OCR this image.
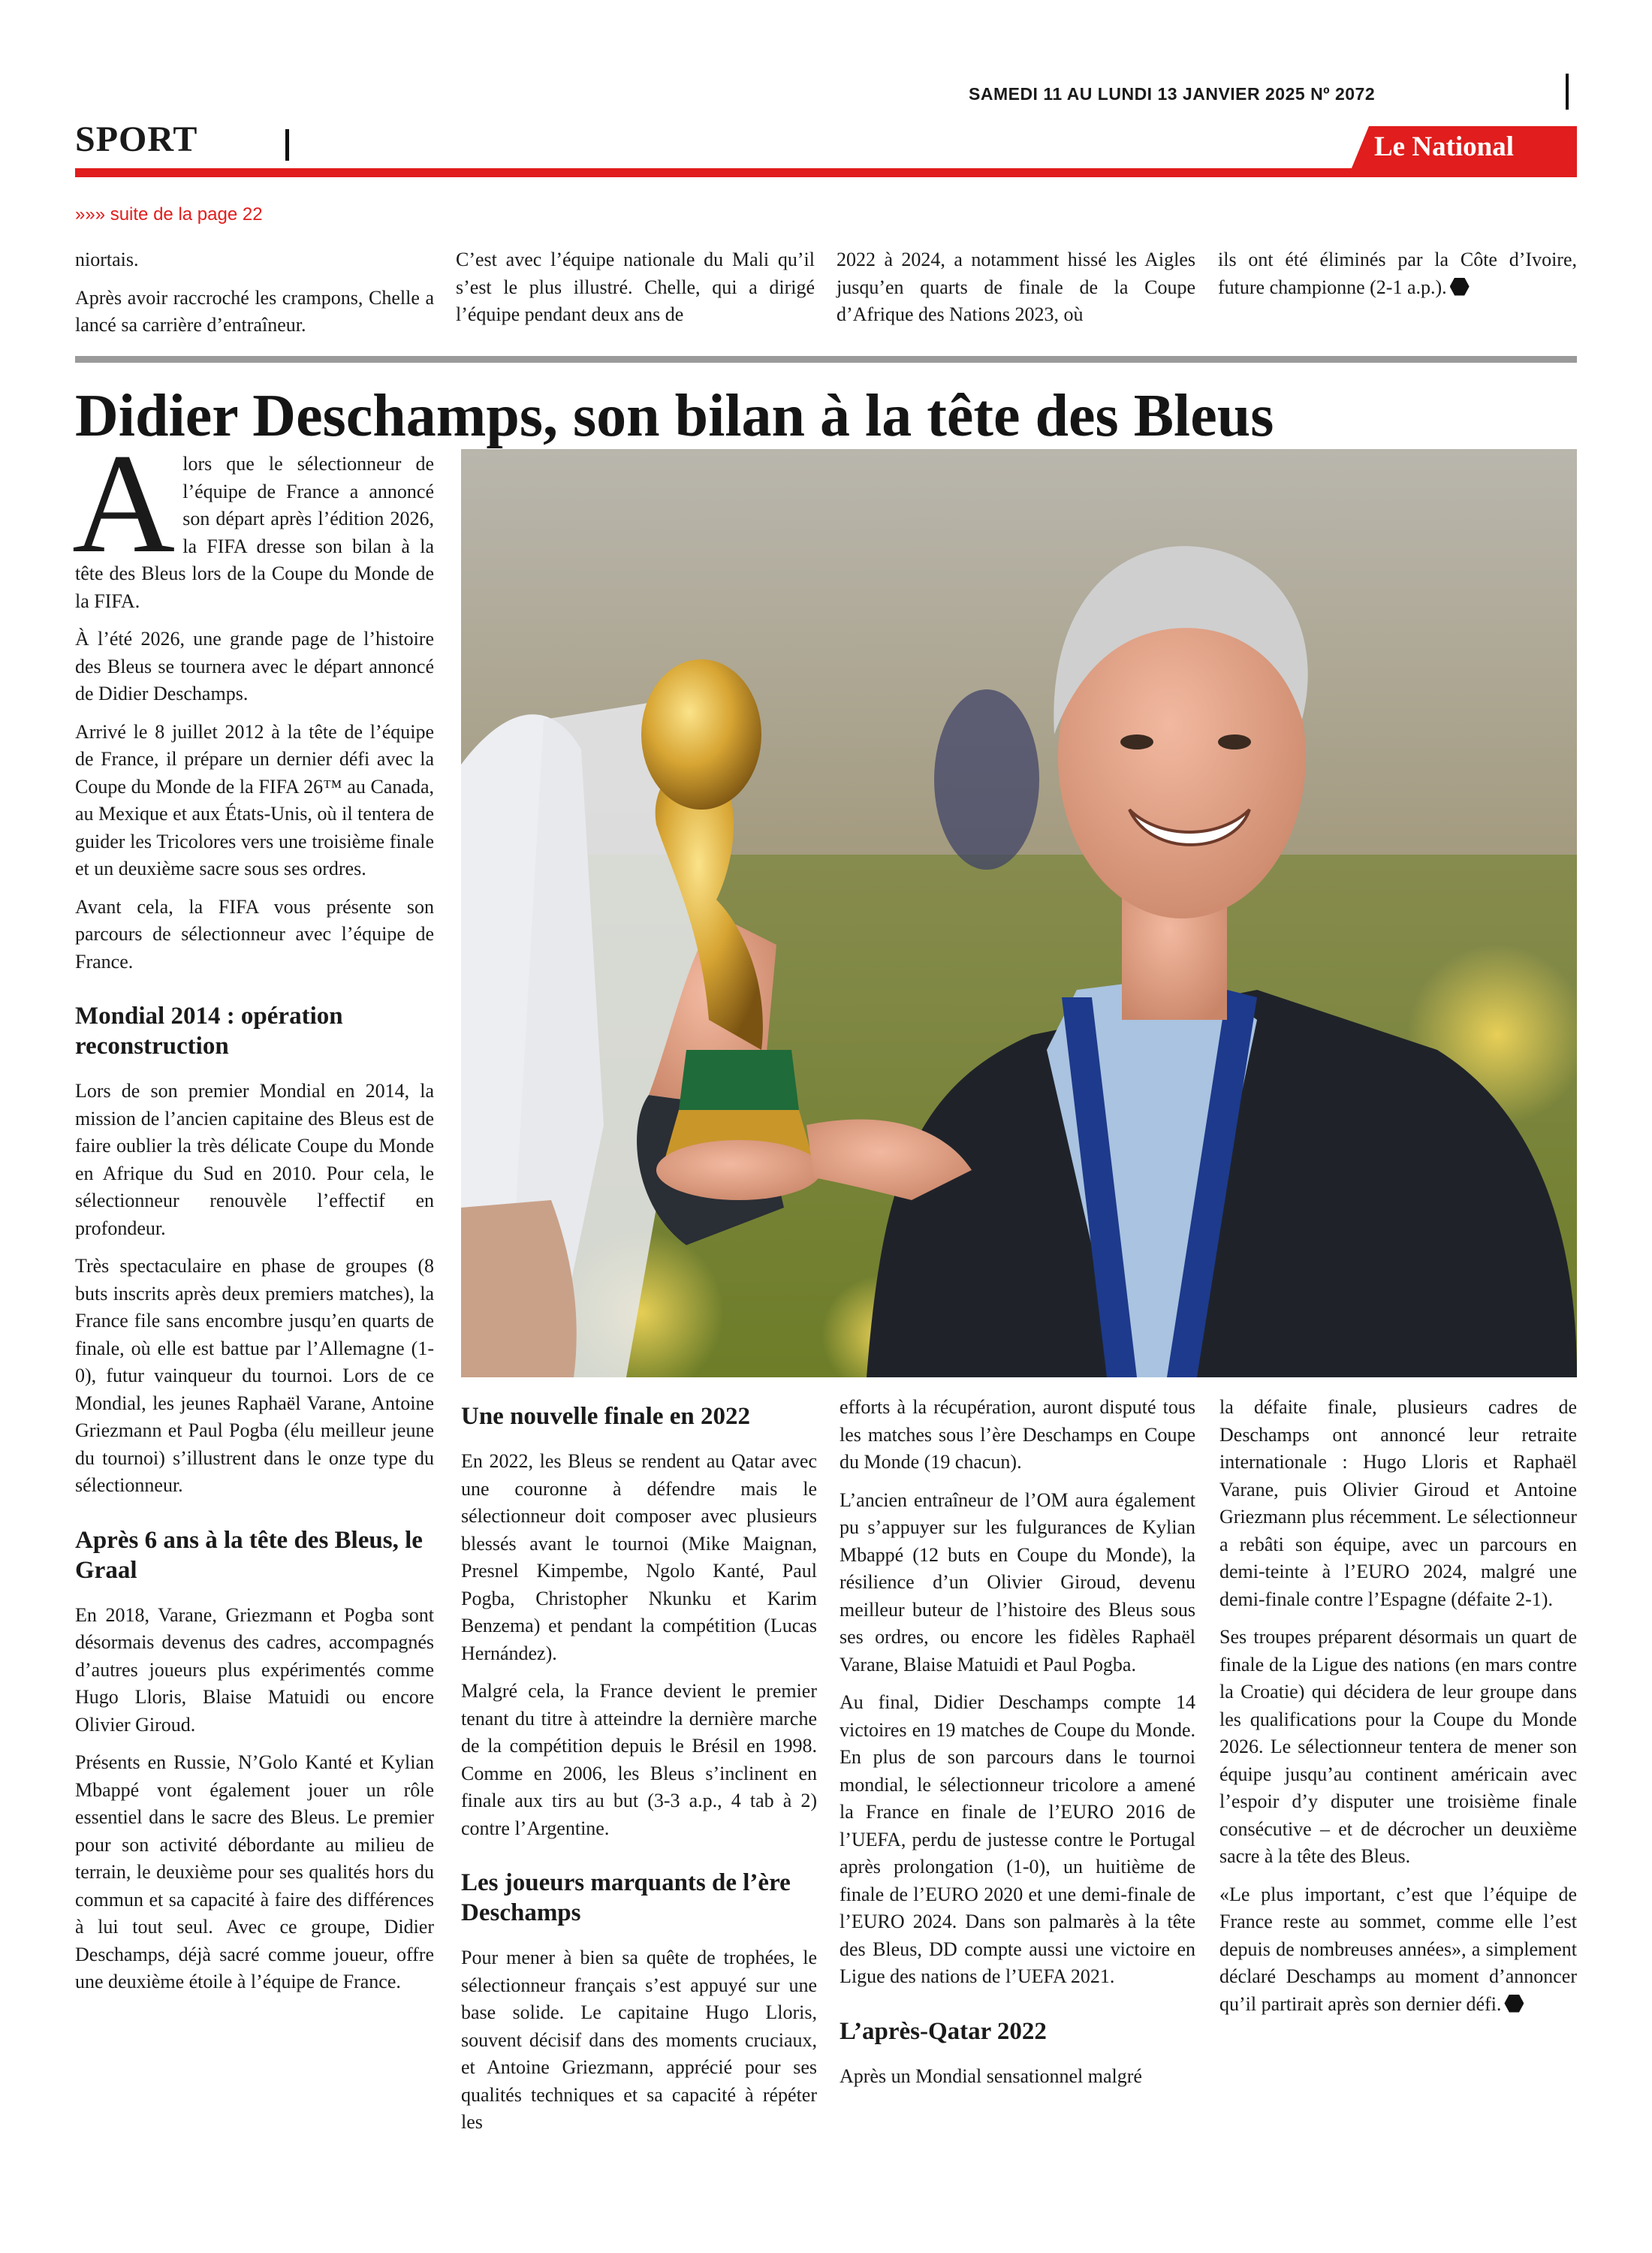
SAMEDI 11 AU LUNDI 13 JANVIER 2025 Nº 2072
SPORT	Le National
»»» suite de la page 22

niortais.

Après avoir raccroché les crampons, Chelle a lancé sa carrière d’entraîneur.

C’est avec l’équipe nationale du Mali qu’il s’est le plus illustré. Chelle, qui a dirigé l’équipe pendant deux ans de

2022 à 2024, a notamment hissé les Aigles jusqu’en quarts de finale de la Coupe d’Afrique des Nations 2023, où

ils ont été éliminés par la Côte d’Ivoire, future championne (2-1 a.p.).

Didier Deschamps, son bilan à la tête des Bleus

Alors que le sélectionneur de l’équipe de France a annoncé son départ après l’édition 2026, la FIFA dresse son bilan à la tête des Bleus lors de la Coupe du Monde de la FIFA.

À l’été 2026, une grande page de l’histoire des Bleus se tournera avec le départ annoncé de Didier Deschamps.

Arrivé le 8 juillet 2012 à la tête de l’équipe de France, il prépare un dernier défi avec la Coupe du Monde de la FIFA 26™ au Canada, au Mexique et aux États-Unis, où il tentera de guider les Tricolores vers une troisième finale et un deuxième sacre sous ses ordres.

Avant cela, la FIFA vous présente son parcours de sélectionneur avec l’équipe de France.

Mondial 2014 : opération reconstruction

Lors de son premier Mondial en 2014, la mission de l’ancien capitaine des Bleus est de faire oublier la très délicate Coupe du Monde en Afrique du Sud en 2010. Pour cela, le sélectionneur renouvèle l’effectif en profondeur.

Très spectaculaire en phase de groupes (8 buts inscrits après deux premiers matches), la France file sans encombre jusqu’en quarts de finale, où elle est battue par l’Allemagne (1-0), futur vainqueur du tournoi. Lors de ce Mondial, les jeunes Raphaël Varane, Antoine Griezmann et Paul Pogba (élu meilleur jeune du tournoi) s’illustrent dans le onze type du sélectionneur.

Après 6 ans à la tête des Bleus, le Graal

En 2018, Varane, Griezmann et Pogba sont désormais devenus des cadres, accompagnés d’autres joueurs plus expérimentés comme Hugo Lloris, Blaise Matuidi ou encore Olivier Giroud.

Présents en Russie, N’Golo Kanté et Kylian Mbappé vont également jouer un rôle essentiel dans le sacre des Bleus. Le premier pour son activité débordante au milieu de terrain, le deuxième pour ses qualités hors du commun et sa capacité à faire des différences à lui tout seul. Avec ce groupe, Didier Deschamps, déjà sacré comme joueur, offre une deuxième étoile à l’équipe de France.

Une nouvelle finale en 2022

En 2022, les Bleus se rendent au Qatar avec une couronne à défendre mais le sélectionneur doit composer avec plusieurs blessés avant le tournoi (Mike Maignan, Presnel Kimpembe, Ngolo Kanté, Paul Pogba, Christopher Nkunku et Karim Benzema) et pendant la compétition (Lucas Hernández).

Malgré cela, la France devient le premier tenant du titre à atteindre la dernière marche de la compétition depuis le Brésil en 1998. Comme en 2006, les Bleus s’inclinent en finale aux tirs au but (3-3 a.p., 4 tab à 2) contre l’Argentine.

Les joueurs marquants de l’ère Deschamps

Pour mener à bien sa quête de trophées, le sélectionneur français s’est appuyé sur une base solide. Le capitaine Hugo Lloris, souvent décisif dans des moments cruciaux, et Antoine Griezmann, apprécié pour ses qualités techniques et sa capacité à répéter les

efforts à la récupération, auront disputé tous les matches sous l’ère Deschamps en Coupe du Monde (19 chacun).

L’ancien entraîneur de l’OM aura également pu s’appuyer sur les fulgurances de Kylian Mbappé (12 buts en Coupe du Monde), la résilience d’un Olivier Giroud, devenu meilleur buteur de l’histoire des Bleus sous ses ordres, ou encore les fidèles Raphaël Varane, Blaise Matuidi et Paul Pogba.

Au final, Didier Deschamps compte 14 victoires en 19 matches de Coupe du Monde. En plus de son parcours dans le tournoi mondial, le sélectionneur tricolore a amené la France en finale de l’EURO 2016 de l’UEFA, perdu de justesse contre le Portugal après prolongation (1-0), un huitième de finale de l’EURO 2020 et une demi-finale de l’EURO 2024. Dans son palmarès à la tête des Bleus, DD compte aussi une victoire en Ligue des nations de l’UEFA 2021.

L’après-Qatar 2022

Après un Mondial sensationnel malgré

la défaite finale, plusieurs cadres de Deschamps ont annoncé leur retraite internationale : Hugo Lloris et Raphaël Varane, puis Olivier Giroud et Antoine Griezmann plus récemment. Le sélectionneur a rebâti son équipe, avec un parcours en demi-teinte à l’EURO 2024, malgré une demi-finale contre l’Espagne (défaite 2-1).

Ses troupes préparent désormais un quart de finale de la Ligue des nations (en mars contre la Croatie) qui décidera de leur groupe dans les qualifications pour la Coupe du Monde 2026. Le sélectionneur tentera de mener son équipe jusqu’au continent américain avec l’espoir d’y disputer une troisième finale consécutive – et de décrocher un deuxième sacre à la tête des Bleus.

«Le plus important, c’est que l’équipe de France reste au sommet, comme elle l’est depuis de nombreuses années», a simplement déclaré Deschamps au moment d’annoncer qu’il partirait après son dernier défi.
